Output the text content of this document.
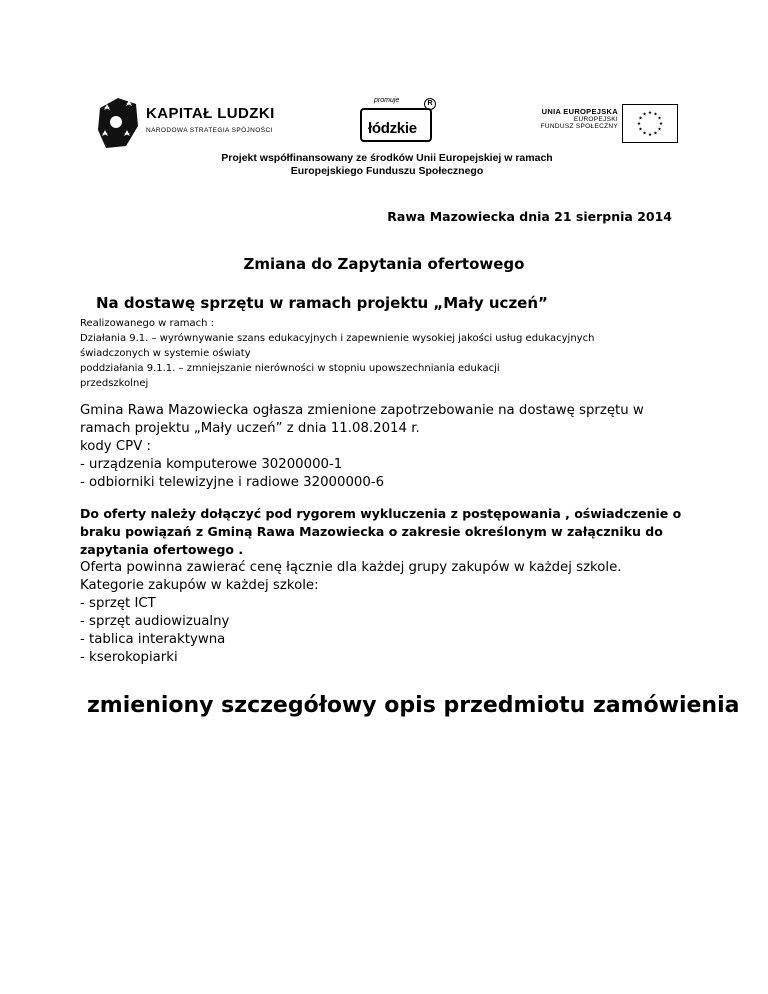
KAPITAŁ LUDZKI
NARODOWA STRATEGIA SPÓJNOŚCI	łódzkie
promuje	R
UNIA EUROPEJSKA
EUROPEJSKI
FUNDUSZ SPOŁECZNY
Projekt współfinansowany ze środków Unii Europejskiej w ramach
Europejskiego Funduszu Społecznego
Rawa Mazowiecka dnia 21 sierpnia 2014
Zmiana do Zapytania ofertowego
Na dostawę sprzętu w ramach projektu „Mały uczeń”
Realizowanego w ramach :
Działania 9.1. – wyrównywanie szans edukacyjnych i zapewnienie wysokiej jakości usług edukacyjnych
świadczonych w systemie oświaty
poddziałania 9.1.1. – zmniejszanie nierówności w stopniu upowszechniania edukacji
przedszkolnej
Gmina Rawa Mazowiecka ogłasza zmienione zapotrzebowanie na dostawę sprzętu w
ramach projektu „Mały uczeń” z dnia 11.08.2014 r.
kody CPV :
- urządzenia komputerowe 30200000-1
- odbiorniki telewizyjne i radiowe 32000000-6
Do oferty należy dołączyć pod rygorem wykluczenia z postępowania , oświadczenie o
braku powiązań z Gminą Rawa Mazowiecka o zakresie określonym w załączniku do
zapytania ofertowego .
Oferta powinna zawierać cenę łącznie dla każdej grupy zakupów w każdej szkole.
Kategorie zakupów w każdej szkole:
- sprzęt ICT
- sprzęt audiowizualny
- tablica interaktywna
- kserokopiarki
zmieniony szczegółowy opis przedmiotu zamówienia
